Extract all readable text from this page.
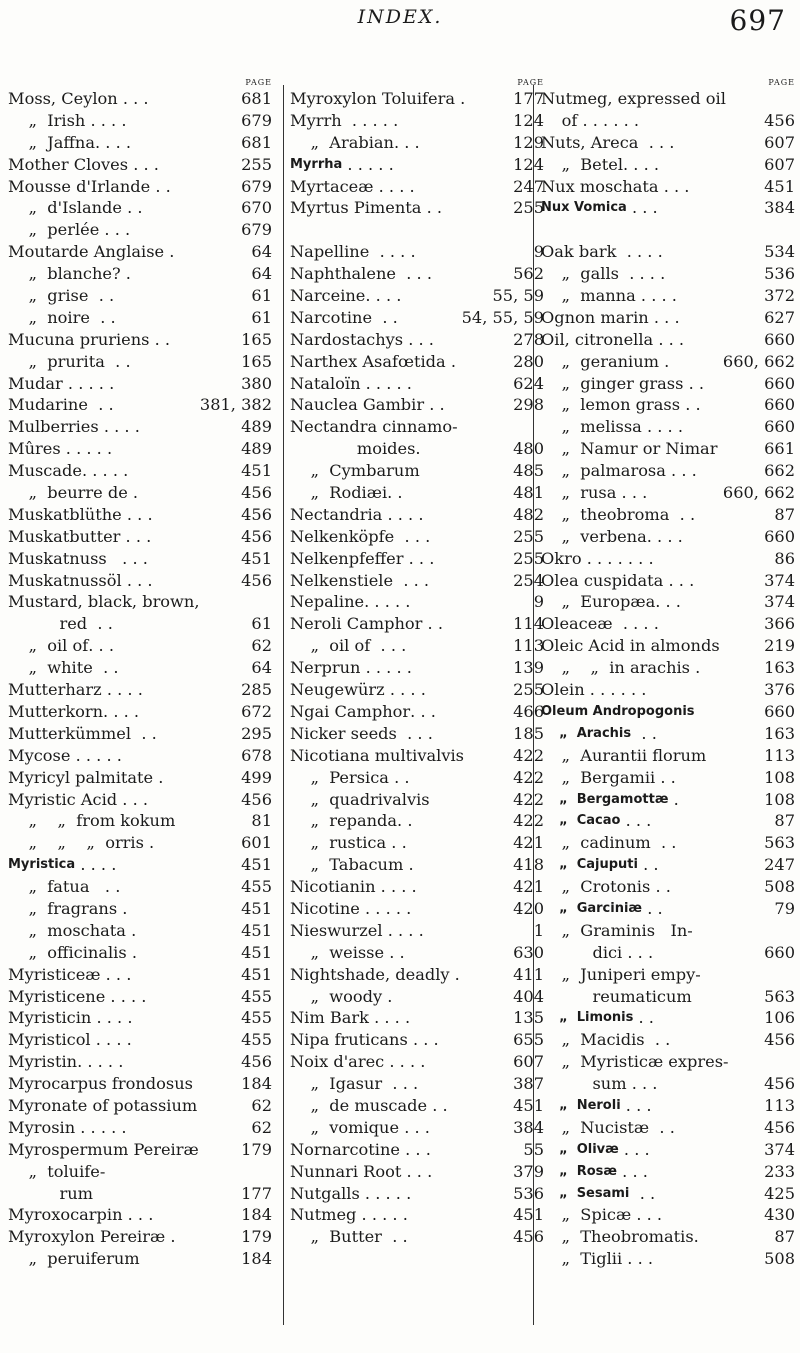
INDEX.	697
PAGE
Moss, Ceylon . . .	681
„  Irish . . . .	679
„  Jaffna . . . .	681
Mother Cloves . . .	255
Mousse d'Irlande . .	679
„  d'Islande . .	670
„  perlée . . .	679
Moutarde Anglaise .	64
„  blanche? .	64
„  grise . .	61
„  noire . .	61
Mucuna pruriens . .	165
„  prurita . .	165
Mudar . . . . .	380
Mudarine . .	381, 382
Mulberries . . . .	489
Mûres . . . . .	489
Muscade . . . . .	451
„  beurre de .	456
Muskatblüthe . . .	456
Muskatbutter . . .	456
Muskatnuss . . .	451
Muskatnussöl . . .	456
Mustard, black, brown,
red . .	61
„  oil of . . .	62
„  white . .	64
Mutterharz . . . .	285
Mutterkorn . . . .	672
Mutterkümmel . .	295
Mycose . . . . .	678
Myricyl palmitate .	499
Myristic Acid . . .	456
„    „  from kokum
	81
„    „    „  orris .	601
Myristica . . . .	451
„  fatua . .	455
„  fragrans .	451
„  moschata .	451
„  officinalis .	451
Myristiceæ . . .	451
Myristicene . . . .	455
Myristicin . . . .	455
Myristicol . . . .	455
Myristin . . . . .	456
Myrocarpus frondosus
	184
Myronate of potassium
	62
Myrosin . . . . .	62
Myrospermum Pereiræ
	179
„  toluife-
rum
	177
Myroxocarpin . . .	184
Myroxylon Pereiræ .	179
„  peruiferum
	184
PAGE
Myroxylon Toluifera .	177
Myrrh . . . . .	124
„  Arabian . . .	129
Myrrha . . . . .	124
Myrtaceæ . . . .	247
Myrtus Pimenta . .	255
Napelline . . . .	9
Naphthalene . . .	562
Narceine . . . .	55, 59
Narcotine . .	54, 55, 59
Nardostachys . . .	278
Narthex Asafœtida .	280
Nataloïn . . . . .	624
Nauclea Gambir . .	298
Nectandra cinnamo-
moides .	480
„  Cymbarum
	485
„  Rodiæi . .	481
Nectandria . . . .	482
Nelkenköpfe . . .	255
Nelkenpfeffer . . .	255
Nelkenstiele . . .	254
Nepaline . . . . .	9
Neroli Camphor . .	114
„  oil of . . .	113
Nerprun . . . . .	139
Neugewürz . . . .	255
Ngai Camphor . . .	466
Nicker seeds . . .	185
Nicotiana multivalvis
	422
„  Persica . .	422
„  quadrivalvis
	422
„  repanda . .	422
„  rustica . .	421
„  Tabacum .	418
Nicotianin . . . .	421
Nicotine . . . . .	420
Nieswurzel . . . .	1
„  weisse . .	630
Nightshade, deadly .	411
„  woody .	404
Nim Bark . . . .	135
Nipa fruticans . . .	655
Noix d'arec . . . .	607
„  Igasur . . .	387
„  de muscade . .	451
„  vomique . . .	384
Nornarcotine . . .	55
Nunnari Root . . .	379
Nutgalls . . . . .	536
Nutmeg . . . . .	451
„  Butter . .	456
PAGE
Nutmeg, expressed oil
of . . . . . .	456
Nuts, Areca . . .	607
„  Betel . . . .	607
Nux moschata . . .	451
Nux Vomica . . .	384
Oak bark . . . .	534
„  galls . . . .	536
„  manna . . . .	372
Ognon marin . . .	627
Oil, citronella . . .	660
„  geranium .	660, 662
„  ginger grass . .	660
„  lemon grass . .	660
„  melissa . . . .	660
„  Namur or Nimar
	661
„  palmarosa . . .	662
„  rusa . . .	660, 662
„  theobroma . .	87
„  verbena . . . .	660
Okro . . . . . . .	86
Olea cuspidata . . .	374
„  Europæa . . .	374
Oleaceæ . . . .	366
Oleic Acid in almonds
	219
„    „  in arachis .	163
Olein . . . . . .	376
Oleum Andropogonis
	660
„  Arachis . .	163
„  Aurantii florum	113
„  Bergamii . .	108
„  Bergamottæ .	108
„  Cacao . . .	87
„  cadinum . .	563
„  Cajuputi . .	247
„  Crotonis . .	508
„  Garciniæ . .	79
„  Graminis   In-
dici . . .	660
„  Juniperi empy-
reumaticum
	563
„  Limonis . .	106
„  Macidis . .	456
„  Myristicæ expres-
sum . . .	456
„  Neroli . . .	113
„  Nucistæ . .	456
„  Olivæ . . .	374
„  Rosæ . . .	233
„  Sesami . .	425
„  Spicæ . . .	430
„  Theobromatis .	87
„  Tiglii . . .	508
